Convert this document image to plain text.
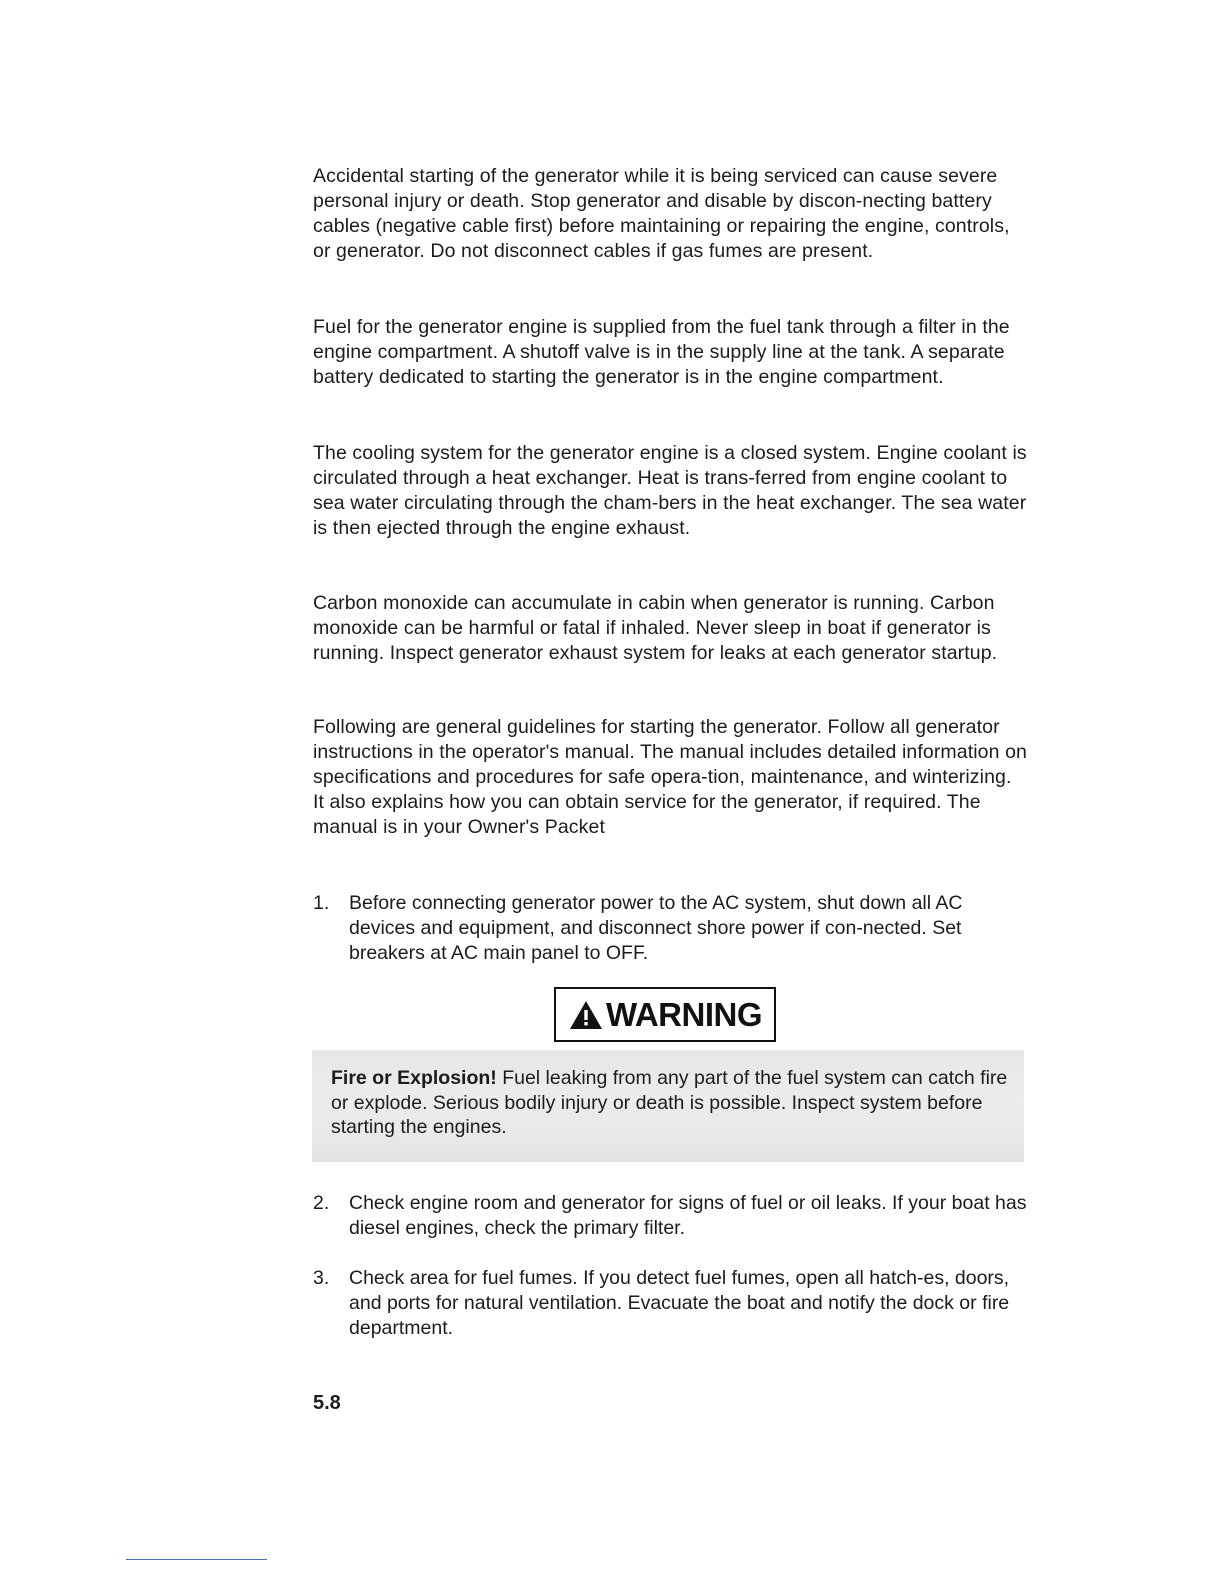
Accidental starting of the generator while it is being serviced can cause severe personal injury or death. Stop generator and disable by discon-necting battery cables (negative cable first) before maintaining or repairing the engine, controls, or generator. Do not disconnect cables if gas fumes are present.

Fuel for the generator engine is supplied from the fuel tank through a filter in the engine compartment. A shutoff valve is in the supply line at the tank. A separate battery dedicated to starting the generator is in the engine compartment.

The cooling system for the generator engine is a closed system. Engine coolant is circulated through a heat exchanger. Heat is trans-ferred from engine coolant to sea water circulating through the cham-bers in the heat exchanger. The sea water is then ejected through the engine exhaust.

Carbon monoxide can accumulate in cabin when generator is running. Carbon monoxide can be harmful or fatal if inhaled. Never sleep in boat if generator is running. Inspect generator exhaust system for leaks at each generator startup.

Following are general guidelines for starting the generator. Follow all generator instructions in the operator's manual. The manual includes detailed information on specifications and procedures for safe opera-tion, maintenance, and winterizing. It also explains how you can obtain service for the generator, if required. The manual is in your Owner's Packet

1. Before connecting generator power to the AC system, shut down all AC devices and equipment, and disconnect shore power if con-nected. Set breakers at AC main panel to OFF.
WARNING

Fire or Explosion! Fuel leaking from any part of the fuel system can catch fire or explode. Serious bodily injury or death is possible. Inspect system before starting the engines.

2. Check engine room and generator for signs of fuel or oil leaks. If your boat has diesel engines, check the primary filter.
3. Check area for fuel fumes. If you detect fuel fumes, open all hatch-es, doors, and ports for natural ventilation. Evacuate the boat and notify the dock or fire department.

5.8
